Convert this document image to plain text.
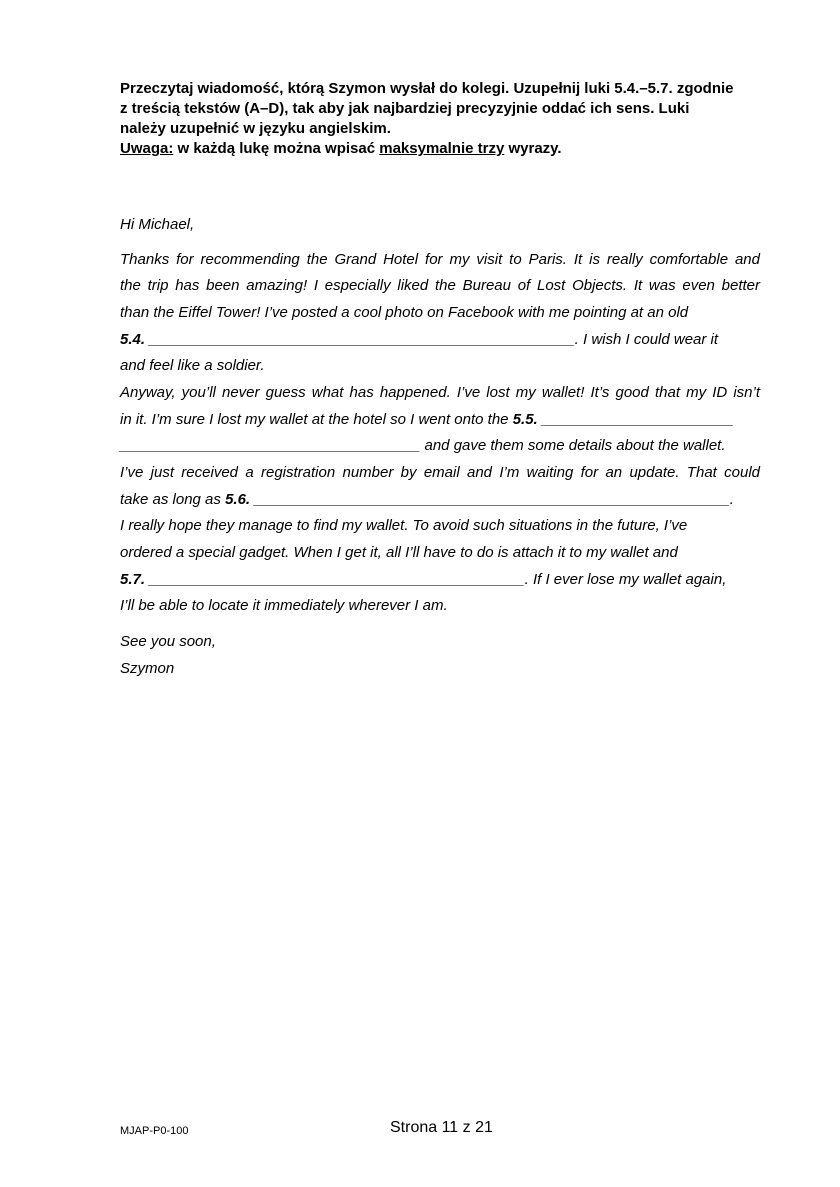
Przeczytaj wiadomość, którą Szymon wysłał do kolegi. Uzupełnij luki 5.4.–5.7. zgodnie
z treścią tekstów (A–D), tak aby jak najbardziej precyzyjnie oddać ich sens. Luki
należy uzupełnić w języku angielskim.
Uwaga: w każdą lukę można wpisać maksymalnie trzy wyrazy.
Hi Michael,
Thanks for recommending the Grand Hotel for my visit to Paris. It is really comfortable and
the trip has been amazing! I especially liked the Bureau of Lost Objects. It was even better
than the Eiffel Tower! I’ve posted a cool photo on Facebook with me pointing at an old
5.4. ___________________________________________________. I wish I could wear it
and feel like a soldier.
Anyway, you’ll never guess what has happened. I’ve lost my wallet! It’s good that my ID isn’t
in it. I’m sure I lost my wallet at the hotel so I went onto the 5.5. _______________________
____________________________________ and gave them some details about the wallet.
I’ve just received a registration number by email and I’m waiting for an update. That could
take as long as 5.6. _________________________________________________________.
I really hope they manage to find my wallet. To avoid such situations in the future, I’ve
ordered a special gadget. When I get it, all I’ll have to do is attach it to my wallet and
5.7. _____________________________________________. If I ever lose my wallet again,
I’ll be able to locate it immediately wherever I am.
See you soon,
Szymon
MJAP-P0-100	Strona 11 z 21
